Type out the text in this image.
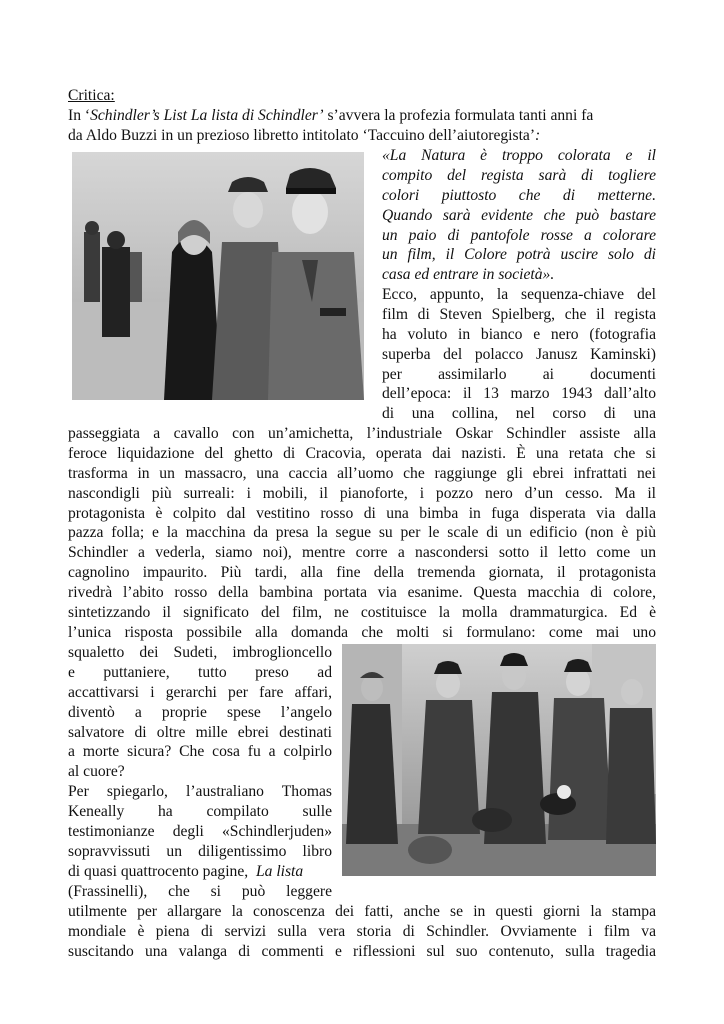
Critica:
In ‘Schindler’s List La lista di Schindler’ s’avvera la profezia formulata tanti anni fa
da Aldo Buzzi in un prezioso libretto intitolato ‘Taccuino dell’aiutoregista’:
«La Natura è troppo colorata e il
compito del regista sarà di togliere
colori piuttosto che di metterne.
Quando sarà evidente che può bastare
un paio di pantofole rosse a colorare
un film, il Colore potrà uscire solo di
casa ed entrare in società».
Ecco, appunto, la sequenza-chiave del
film di Steven Spielberg, che il regista
ha voluto in bianco e nero (fotografia
superba del polacco Janusz Kaminski)
per assimilarlo ai documenti
dell’epoca: il 13 marzo 1943 dall’alto
di una collina, nel corso di una
passeggiata a cavallo con un’amichetta, l’industriale Oskar Schindler assiste alla
feroce liquidazione del ghetto di Cracovia, operata dai nazisti. È una retata che si
trasforma in un massacro, una caccia all’uomo che raggiunge gli ebrei infrattati nei
nascondigli più surreali: i mobili, il pianoforte, i pozzo nero d’un cesso. Ma il
protagonista è colpito dal vestitino rosso di una bimba in fuga disperata via dalla
pazza folla; e la macchina da presa la segue su per le scale di un edificio (non è più
Schindler a vederla, siamo noi), mentre corre a nascondersi sotto il letto come un
cagnolino impaurito. Più tardi, alla fine della tremenda giornata, il protagonista
rivedrà l’abito rosso della bambina portata via esanime. Questa macchia di colore,
sintetizzando il significato del film, ne costituisce la molla drammaturgica. Ed è
l’unica risposta possibile alla domanda che molti si formulano: come mai uno
squaletto dei Sudeti, imbroglioncello
e puttaniere, tutto preso ad
accattivarsi i gerarchi per fare affari,
diventò a proprie spese l’angelo
salvatore di oltre mille ebrei destinati
a morte sicura? Che cosa fu a colpirlo
al cuore?
Per spiegarlo, l’australiano Thomas
Keneally ha compilato sulle
testimonianze degli «Schindlerjuden»
sopravvissuti un diligentissimo libro
di quasi quattrocento pagine,  La lista
(Frassinelli), che si può leggere
utilmente per allargare la conoscenza dei fatti, anche se in questi giorni la stampa
mondiale è piena di servizi sulla vera storia di Schindler. Ovviamente i film va
suscitando una valanga di commenti e riflessioni sul suo contenuto, sulla tragedia
